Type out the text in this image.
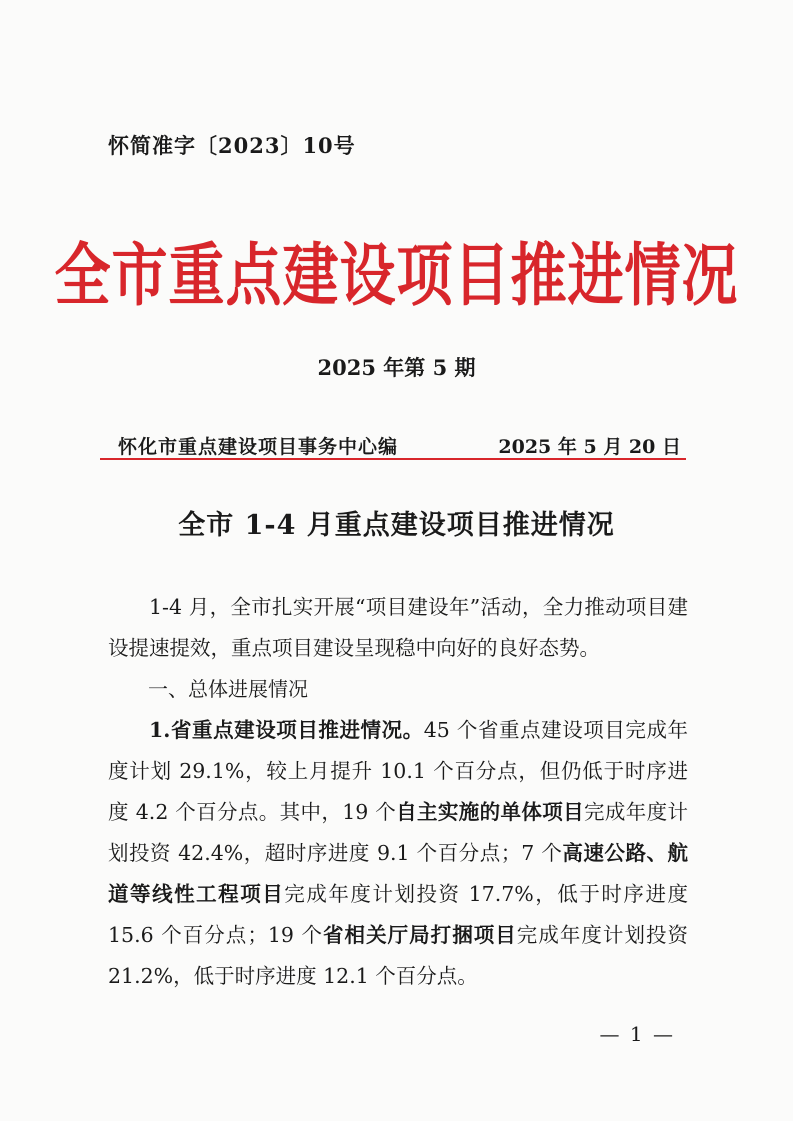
怀简准字〔2023〕10号
全市重点建设项目推进情况
2025 年第 5 期
怀化市重点建设项目事务中心编	2025 年 5 月 20 日
全市 1-4 月重点建设项目推进情况

1-4 月，全市扎实开展“项目建设年”活动，全力推动项目建设提速提效，重点项目建设呈现稳中向好的良好态势。

一、总体进展情况

1.省重点建设项目推进情况。45 个省重点建设项目完成年度计划 29.1%，较上月提升 10.1 个百分点，但仍低于时序进度 4.2 个百分点。其中，19 个自主实施的单体项目完成年度计划投资 42.4%，超时序进度 9.1 个百分点；7 个高速公路、航道等线性工程项目完成年度计划投资 17.7%，低于时序进度 15.6 个百分点；19 个省相关厅局打捆项目完成年度计划投资 21.2%，低于时序进度 12.1 个百分点。

— 1 —
